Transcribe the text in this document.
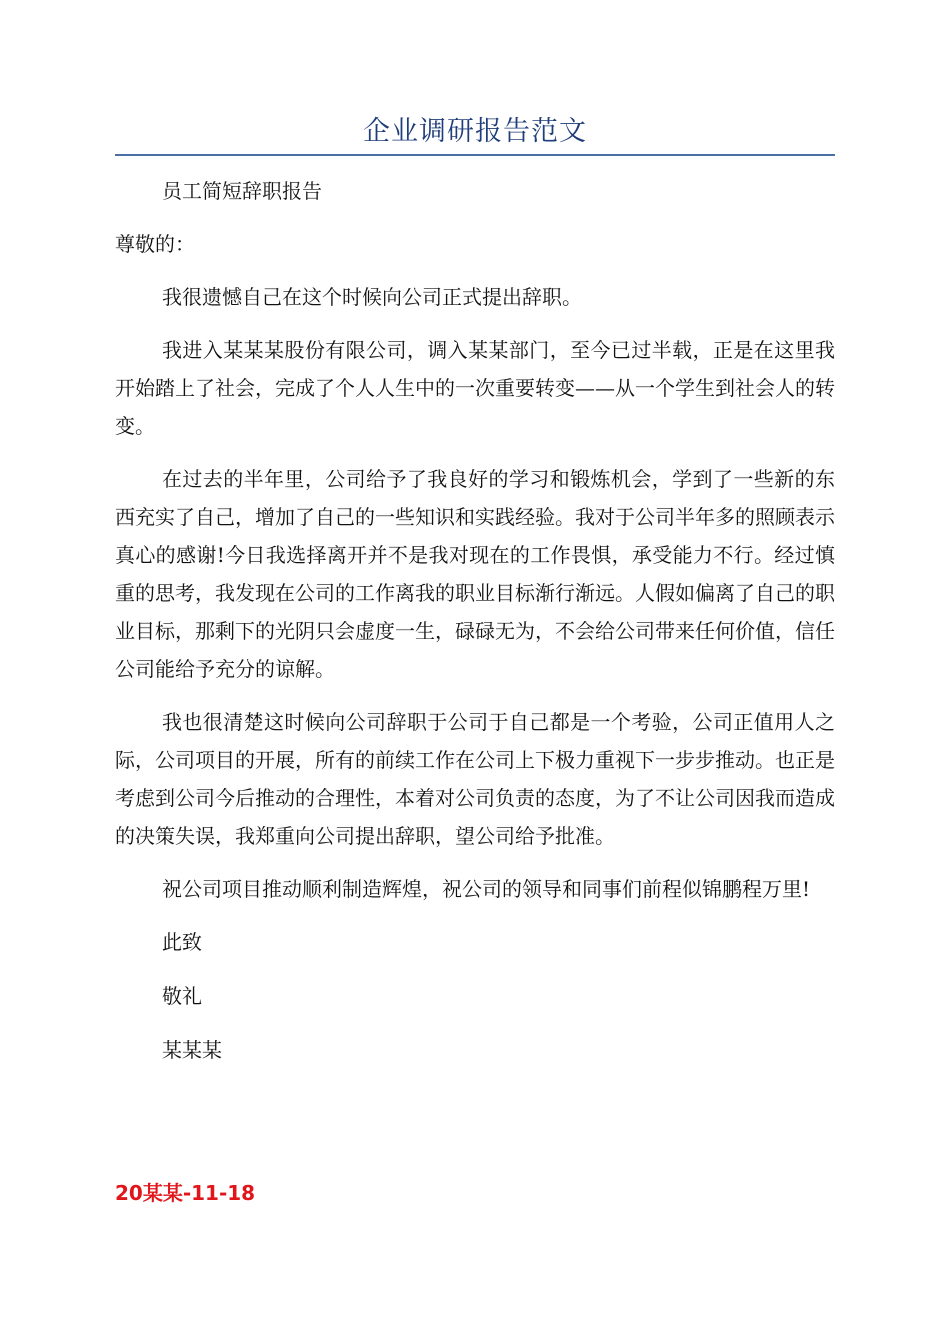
企业调研报告范文

员工简短辞职报告

尊敬的：

我很遗憾自己在这个时候向公司正式提出辞职。

我进入某某某股份有限公司，调入某某部门，至今已过半载，正是在这里我开始踏上了社会，完成了个人人生中的一次重要转变——从一个学生到社会人的转变。

在过去的半年里，公司给予了我良好的学习和锻炼机会，学到了一些新的东西充实了自己，增加了自己的一些知识和实践经验。我对于公司半年多的照顾表示真心的感谢!今日我选择离开并不是我对现在的工作畏惧，承受能力不行。经过慎重的思考，我发现在公司的工作离我的职业目标渐行渐远。人假如偏离了自己的职业目标，那剩下的光阴只会虚度一生，碌碌无为，不会给公司带来任何价值，信任公司能给予充分的谅解。

我也很清楚这时候向公司辞职于公司于自己都是一个考验，公司正值用人之际，公司项目的开展，所有的前续工作在公司上下极力重视下一步步推动。也正是考虑到公司今后推动的合理性，本着对公司负责的态度，为了不让公司因我而造成的决策失误，我郑重向公司提出辞职，望公司给予批准。

祝公司项目推动顺利制造辉煌，祝公司的领导和同事们前程似锦鹏程万里!

此致

敬礼

某某某

20某某-11-18
